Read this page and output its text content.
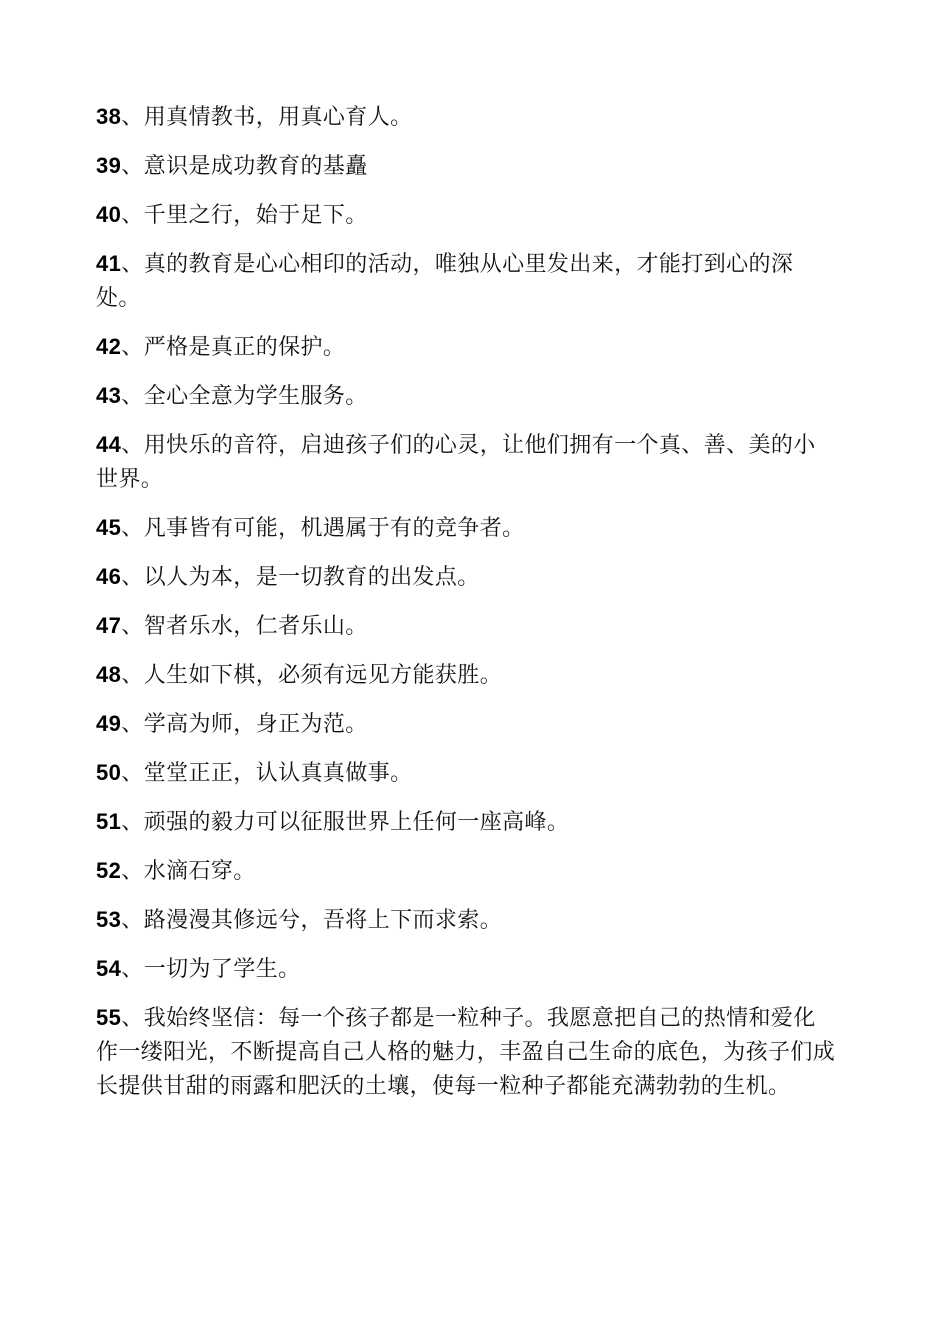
38、用真情教书，用真心育人。

39、意识是成功教育的基矗

40、千里之行，始于足下。

41、真的教育是心心相印的活动，唯独从心里发出来，才能打到心的深处。

42、严格是真正的保护。

43、全心全意为学生服务。

44、用快乐的音符，启迪孩子们的心灵，让他们拥有一个真、善、美的小世界。

45、凡事皆有可能，机遇属于有的竞争者。

46、以人为本，是一切教育的出发点。

47、智者乐水，仁者乐山。

48、人生如下棋，必须有远见方能获胜。

49、学高为师，身正为范。

50、堂堂正正，认认真真做事。

51、顽强的毅力可以征服世界上任何一座高峰。

52、水滴石穿。

53、路漫漫其修远兮，吾将上下而求索。

54、一切为了学生。

55、我始终坚信：每一个孩子都是一粒种子。我愿意把自己的热情和爱化作一缕阳光，不断提高自己人格的魅力，丰盈自己生命的底色，为孩子们成长提供甘甜的雨露和肥沃的土壤，使每一粒种子都能充满勃勃的生机。
